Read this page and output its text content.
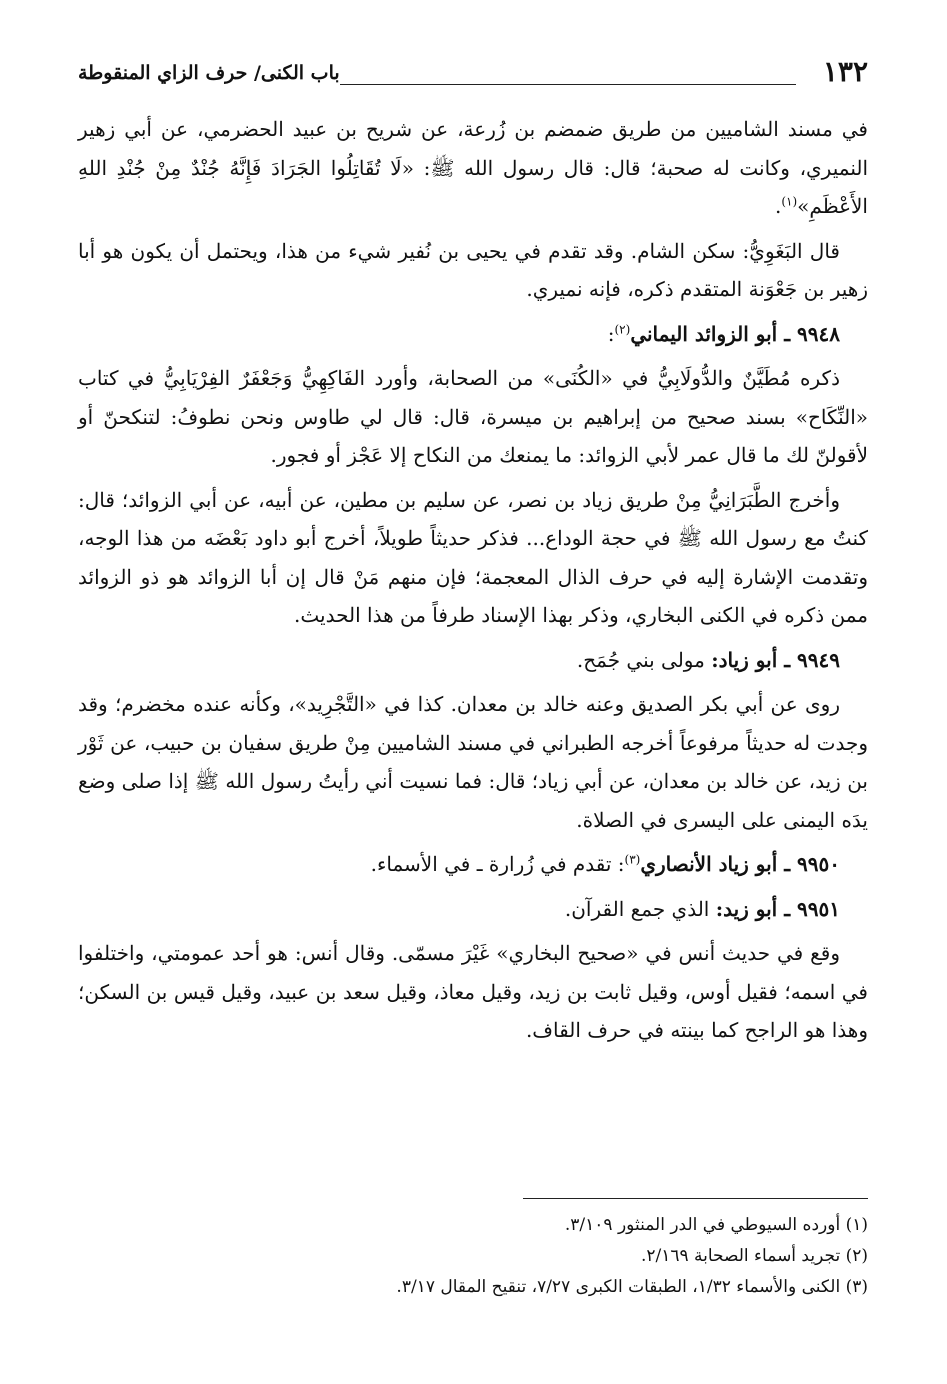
١٣٢
باب الكنى/ حرف الزاي المنقوطة

في مسند الشاميين من طريق ضمضم بن زُرعة، عن شريح بن عبيد الحضرمي، عن أبي زهير النميري، وكانت له صحبة؛ قال: قال رسول الله ﷺ: «لَا تُقَاتِلُوا الجَرَادَ فَإِنَّهُ جُنْدٌ مِنْ جُنْدِ اللهِ الأَعْظَمِ»$^{(١)}$.

قال البَغَوِيُّ: سكن الشام. وقد تقدم في يحيى بن نُفير شيء من هذا، ويحتمل أن يكون هو أبا زهير بن جَعْوَنة المتقدم ذكره، فإنه نميري.

٩٩٤٨ ـ أبو الزوائد اليماني$^{(٢)}$:

ذكره مُطَيَّنٌ والدُّولَابِيُّ في «الكُنَى» من الصحابة، وأورد الفَاكِهِيُّ وَجَعْفَرٌ الفِرْيَابِيُّ في كتاب «النِّكَاح» بسند صحيح من إبراهيم بن ميسرة، قال: قال لي طاوس ونحن نطوفُ: لتنكحنّ أو لأقولنّ لك ما قال عمر لأبي الزوائد: ما يمنعك من النكاح إلا عَجْز أو فجور.

وأخرج الطَّبَرَانِيُّ مِنْ طريق زياد بن نصر، عن سليم بن مطين، عن أبيه، عن أبي الزوائد؛ قال: كنتُ مع رسول الله ﷺ في حجة الوداع... فذكر حديثاً طويلاً، أخرج أبو داود بَعْضَه من هذا الوجه، وتقدمت الإشارة إليه في حرف الذال المعجمة؛ فإن منهم مَنْ قال إن أبا الزوائد هو ذو الزوائد ممن ذكره في الكنى البخاري، وذكر بهذا الإسناد طرفاً من هذا الحديث.

٩٩٤٩ ـ أبو زياد: مولى بني جُمَح.

روى عن أبي بكر الصديق وعنه خالد بن معدان. كذا في «التَّجْرِيد»، وكأنه عنده مخضرم؛ وقد وجدت له حديثاً مرفوعاً أخرجه الطبراني في مسند الشاميين مِنْ طريق سفيان بن حبيب، عن ثَوْر بن زيد، عن خالد بن معدان، عن أبي زياد؛ قال: فما نسيت أني رأيتُ رسول الله ﷺ إذا صلى وضع يدَه اليمنى على اليسرى في الصلاة.

٩٩٥٠ ـ أبو زياد الأنصاري$^{(٣)}$: تقدم في زُرارة ـ في الأسماء.

٩٩٥١ ـ أبو زيد: الذي جمع القرآن.

وقع في حديث أنس في «صحيح البخاري» غَيْرَ مسمّى. وقال أنس: هو أحد عمومتي، واختلفوا في اسمه؛ فقيل أوس، وقيل ثابت بن زيد، وقيل معاذ، وقيل سعد بن عبيد، وقيل قيس بن السكن؛ وهذا هو الراجح كما بينته في حرف القاف.

(١) أورده السيوطي في الدر المنثور ٣/١٠٩.

(٢) تجريد أسماء الصحابة ٢/١٦٩.

(٣) الكنى والأسماء ١/٣٢، الطبقات الكبرى ٧/٢٧، تنقيح المقال ٣/١٧.
